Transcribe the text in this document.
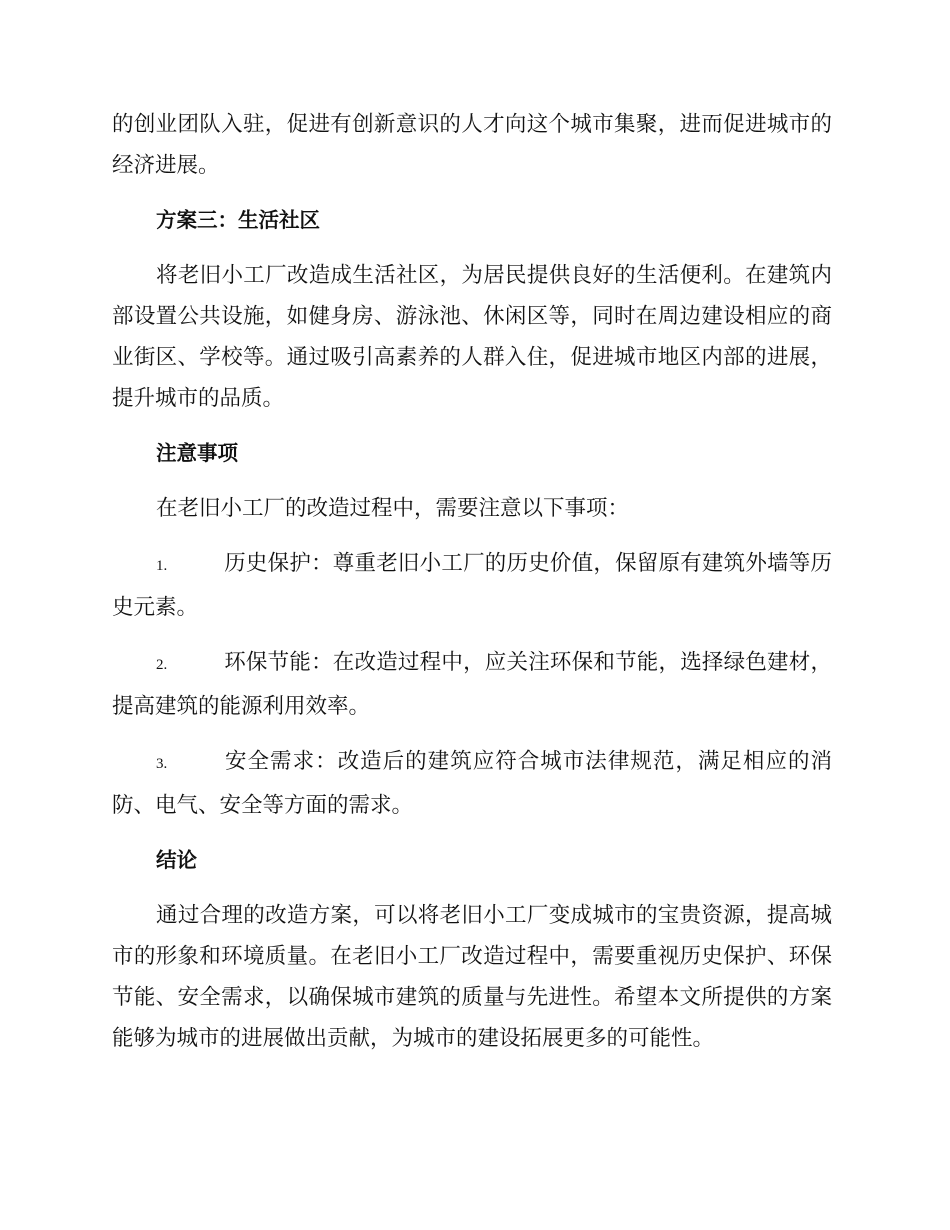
的创业团队入驻，促进有创新意识的人才向这个城市集聚，进而促进城市的经济进展。

方案三：生活社区

将老旧小工厂改造成生活社区，为居民提供良好的生活便利。在建筑内部设置公共设施，如健身房、游泳池、休闲区等，同时在周边建设相应的商业街区、学校等。通过吸引高素养的人群入住，促进城市地区内部的进展，提升城市的品质。

注意事项

在老旧小工厂的改造过程中，需要注意以下事项：

1.	历史保护：尊重老旧小工厂的历史价值，保留原有建筑外墙等历史元素。

2.	环保节能：在改造过程中，应关注环保和节能，选择绿色建材，提高建筑的能源利用效率。

3.	安全需求：改造后的建筑应符合城市法律规范，满足相应的消防、电气、安全等方面的需求。

结论

通过合理的改造方案，可以将老旧小工厂变成城市的宝贵资源，提高城市的形象和环境质量。在老旧小工厂改造过程中，需要重视历史保护、环保节能、安全需求，以确保城市建筑的质量与先进性。希望本文所提供的方案能够为城市的进展做出贡献，为城市的建设拓展更多的可能性。
